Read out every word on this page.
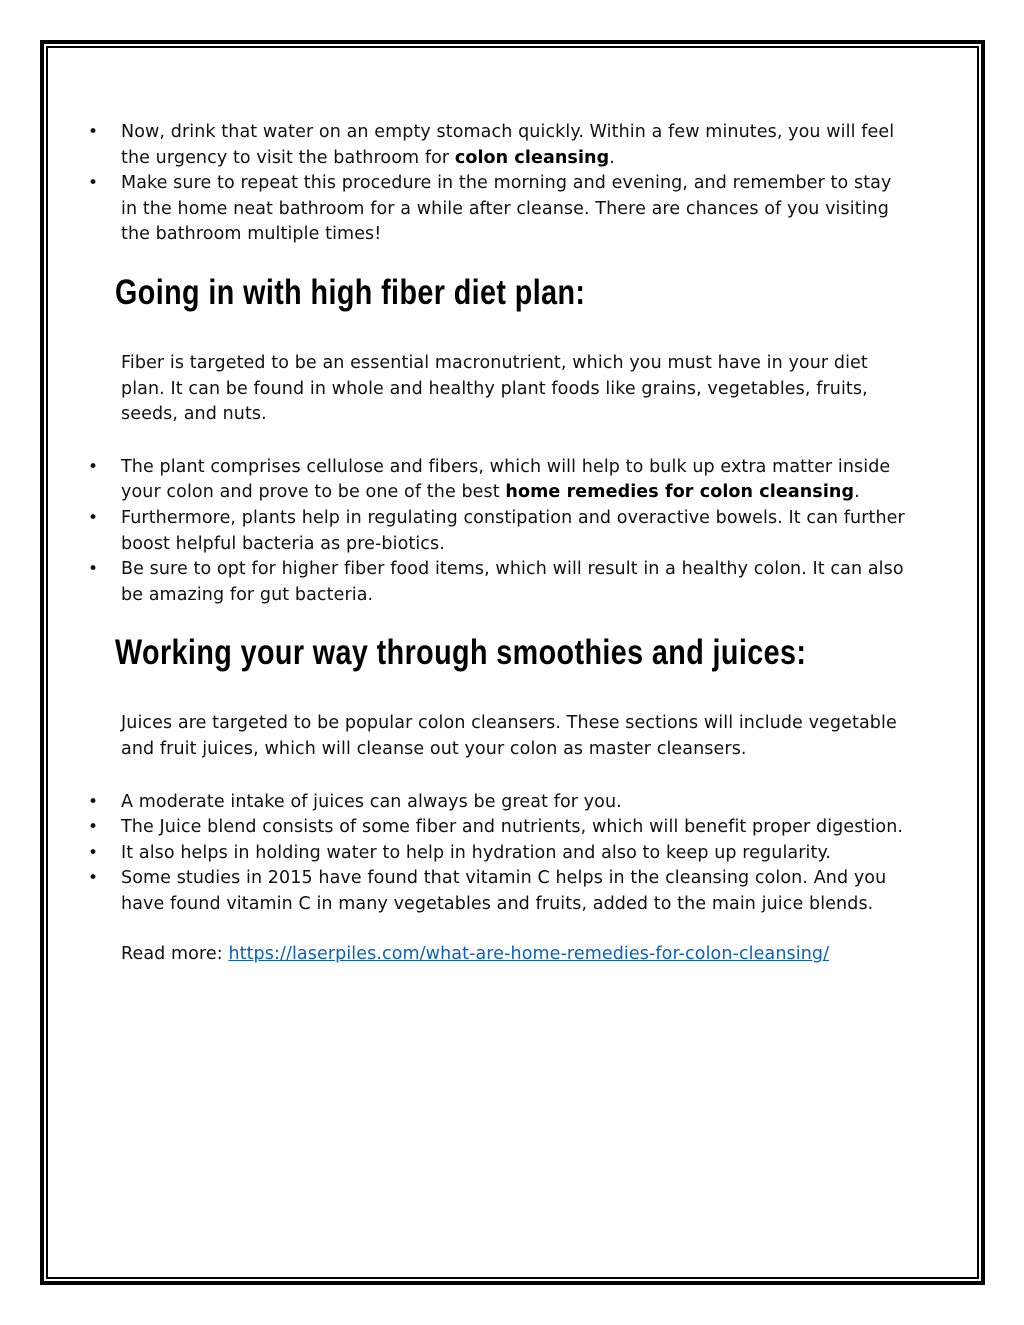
• Now, drink that water on an empty stomach quickly. Within a few minutes, you will feel the urgency to visit the bathroom for colon cleansing.
• Make sure to repeat this procedure in the morning and evening, and remember to stay in the home neat bathroom for a while after cleanse. There are chances of you visiting the bathroom multiple times!
Going in with high fiber diet plan:

Fiber is targeted to be an essential macronutrient, which you must have in your diet plan. It can be found in whole and healthy plant foods like grains, vegetables, fruits, seeds, and nuts.

• The plant comprises cellulose and fibers, which will help to bulk up extra matter inside your colon and prove to be one of the best home remedies for colon cleansing.
• Furthermore, plants help in regulating constipation and overactive bowels. It can further boost helpful bacteria as pre-biotics.
• Be sure to opt for higher fiber food items, which will result in a healthy colon. It can also be amazing for gut bacteria.
Working your way through smoothies and juices:

Juices are targeted to be popular colon cleansers. These sections will include vegetable and fruit juices, which will cleanse out your colon as master cleansers.

• A moderate intake of juices can always be great for you.
• The Juice blend consists of some fiber and nutrients, which will benefit proper digestion.
• It also helps in holding water to help in hydration and also to keep up regularity.
• Some studies in 2015 have found that vitamin C helps in the cleansing colon. And you have found vitamin C in many vegetables and fruits, added to the main juice blends.

Read more: https://laserpiles.com/what-are-home-remedies-for-colon-cleansing/
